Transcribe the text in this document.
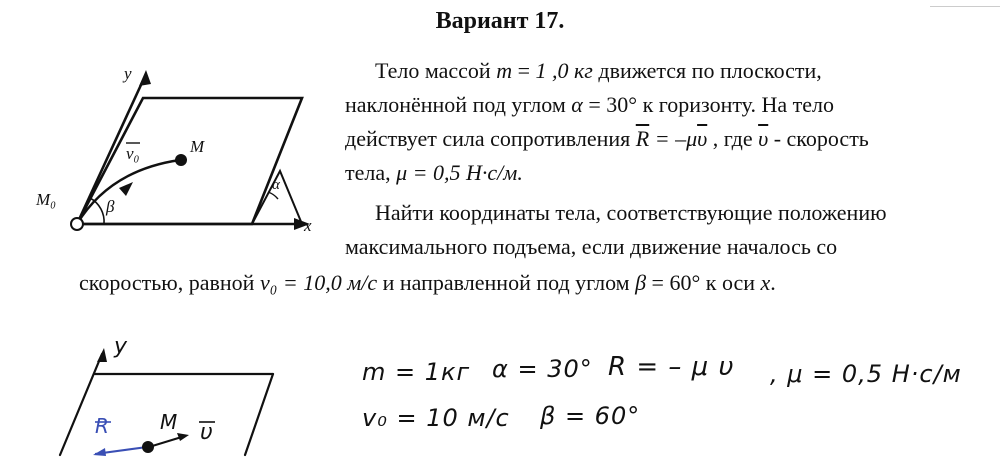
Вариант 17.
y
x
v₀	M
M₀	β
α
Тело массой m = 1 ,0 кг движется по плоскости,
наклонённой под углом α = 30° к горизонту. На тело
действует сила сопротивления $\overline{R} = -\mu\overline{\upsilon}$ , где $\overline{\upsilon}$ - скорость
тела, μ = 0,5 Н·с/м.
Найти координаты тела, соответствующие положению
максимального подъема, если движение началось со
скоростью, равной v₀ = 10,0 м/с и направленной под углом β = 60° к оси x.
y
R	M υ
m = 1кг α = 30° R = – μ υ , μ = 0,5 Н·с/м
v₀ = 10 м/с β = 60°
